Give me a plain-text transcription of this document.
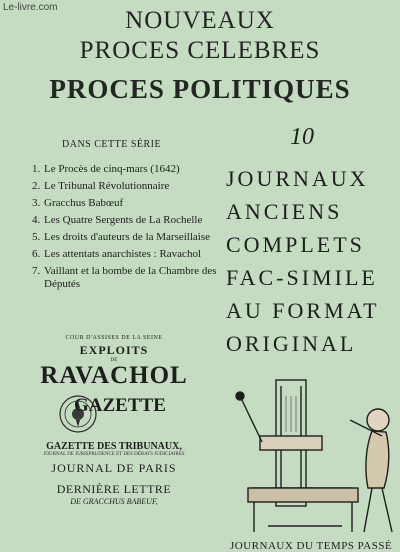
Le-livre.com	NOUVEAUX
PROCES CELEBRES
PROCES POLITIQUES
DANS CETTE SÉRIE	10
1. Le Procès de cinq-mars (1642)
2. Le Tribunal Révolutionnaire
3. Gracchus Babœuf
4. Les Quatre Sergents de La Rochelle
5. Les droits d'auteurs de la Marseillaise
6. Les attentats anarchistes : Ravachol
7. Vaillant et la bombe de la Chambre des Députés
JOURNAUX
ANCIENS
COMPLETS
FAC-SIMILE
AU FORMAT
ORIGINAL
COUR D'ASSISES DE LA SEINE
EXPLOITS
DE
RAVACHOL
GAZETTE
GAZETTE DES TRIBUNAUX,
JOURNAL DE JURISPRUDENCE ET DES DÉBATS JUDICIAIRES
JOURNAL DE PARIS
DERNIÈRE LETTRE
DE GRACCHUS BABEUF,
JOURNAUX DU TEMPS PASSÉ
